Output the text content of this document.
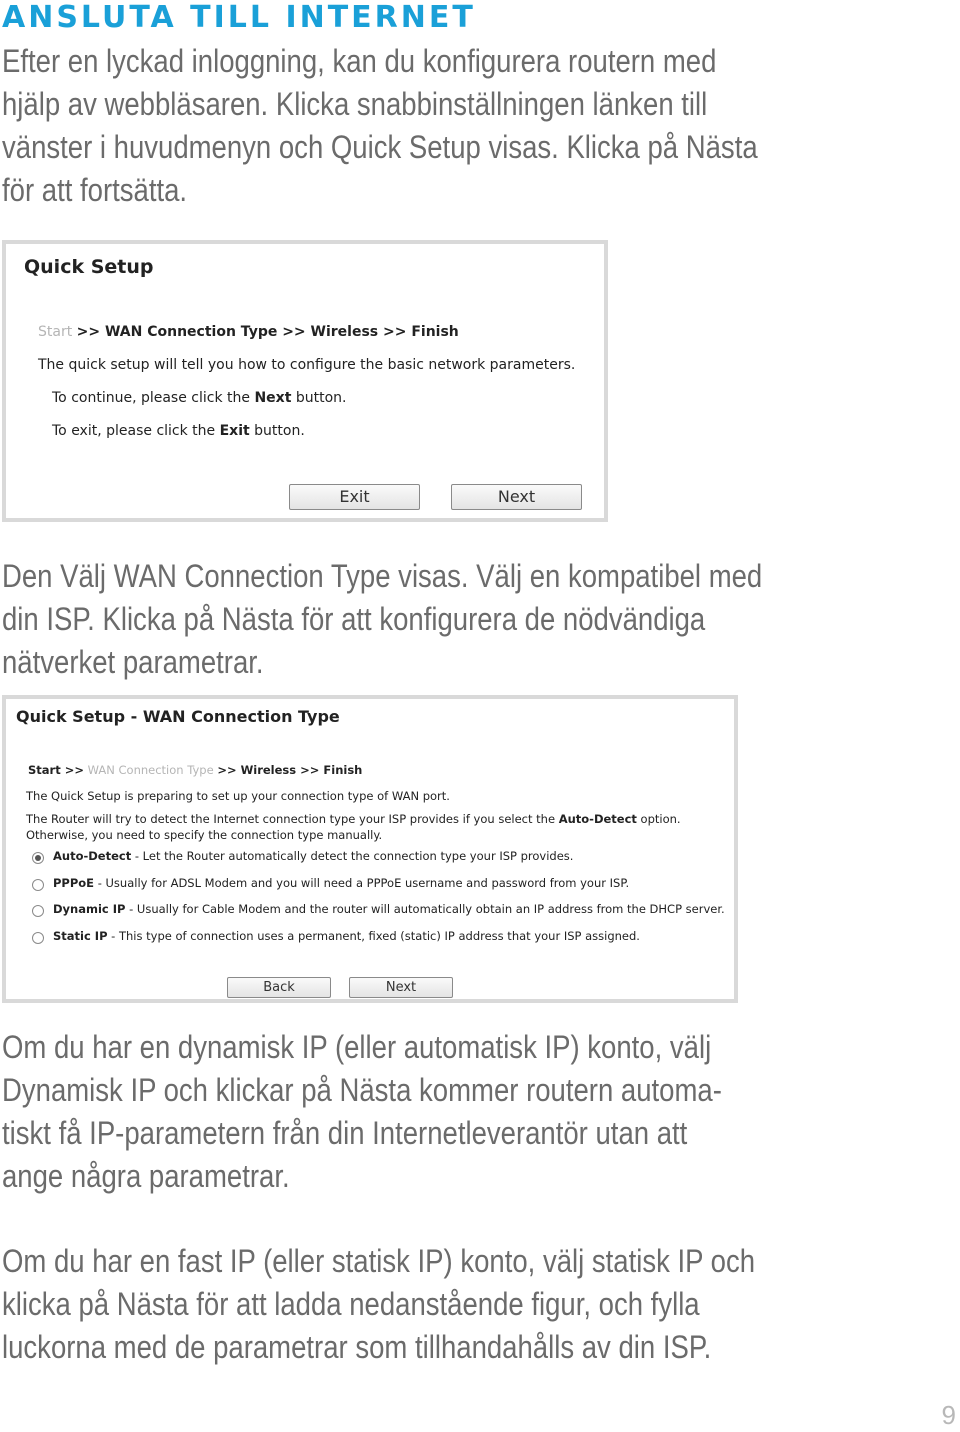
ANSLUTA TILL INTERNET
Efter en lyckad inloggning, kan du konfigurera routern med
hjälp av webbläsaren. Klicka snabbinställningen länken till
vänster i huvudmenyn och Quick Setup visas. Klicka på Nästa
för att fortsätta.
Quick Setup
Start >> WAN Connection Type >> Wireless >> Finish
The quick setup will tell you how to configure the basic network parameters.
To continue, please click the Next button.
To exit, please click the Exit button.
Exit	Next
Den Välj WAN Connection Type visas. Välj en kompatibel med
din ISP. Klicka på Nästa för att konfigurera de nödvändiga
nätverket parametrar.
Quick Setup - WAN Connection Type
Start >> WAN Connection Type >> Wireless >> Finish
The Quick Setup is preparing to set up your connection type of WAN port.
The Router will try to detect the Internet connection type your ISP provides if you select the Auto-Detect option.
Otherwise, you need to specify the connection type manually.
Auto-Detect - Let the Router automatically detect the connection type your ISP provides.
PPPoE - Usually for ADSL Modem and you will need a PPPoE username and password from your ISP.
Dynamic IP - Usually for Cable Modem and the router will automatically obtain an IP address from the DHCP server.
Static IP - This type of connection uses a permanent, fixed (static) IP address that your ISP assigned.
Back	Next
Om du har en dynamisk IP (eller automatisk IP) konto, välj
Dynamisk IP och klickar på Nästa kommer routern automa-
tiskt få IP-parametern från din Internetleverantör utan att
ange några parametrar.
Om du har en fast IP (eller statisk IP) konto, välj statisk IP och
klicka på Nästa för att ladda nedanstående figur, och fylla
luckorna med de parametrar som tillhandahålls av din ISP.
9
